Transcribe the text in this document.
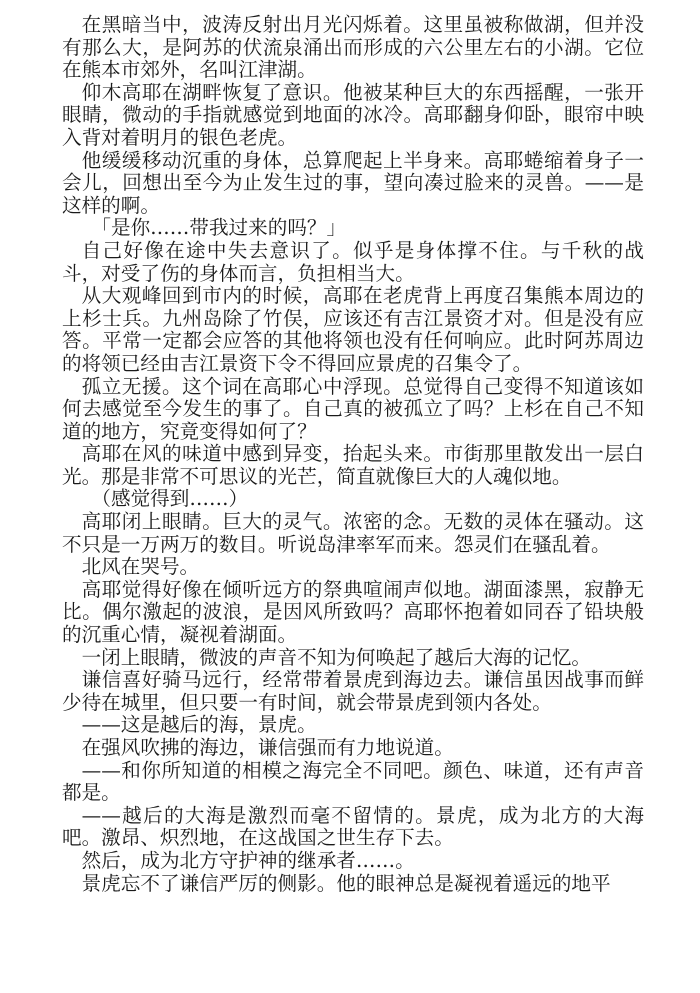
在黑暗当中，波涛反射出月光闪烁着。这里虽被称做湖，但并没有那么大，是阿苏的伏流泉涌出而形成的六公里左右的小湖。它位在熊本市郊外，名叫江津湖。

仰木高耶在湖畔恢复了意识。他被某种巨大的东西摇醒，一张开眼睛，微动的手指就感觉到地面的冰冷。高耶翻身仰卧，眼帘中映入背对着明月的银色老虎。

他缓缓移动沉重的身体，总算爬起上半身来。高耶蜷缩着身子一会儿，回想出至今为止发生过的事，望向凑过脸来的灵兽。——是这样的啊。

「是你……带我过来的吗？」

自己好像在途中失去意识了。似乎是身体撑不住。与千秋的战斗，对受了伤的身体而言，负担相当大。

从大观峰回到市内的时候，高耶在老虎背上再度召集熊本周边的上杉士兵。九州岛除了竹俣，应该还有吉江景资才对。但是没有应答。平常一定都会应答的其他将领也没有任何响应。此时阿苏周边的将领已经由吉江景资下令不得回应景虎的召集令了。

孤立无援。这个词在高耶心中浮现。总觉得自己变得不知道该如何去感觉至今发生的事了。自己真的被孤立了吗？上杉在自己不知道的地方，究竟变得如何了？

高耶在风的味道中感到异变，抬起头来。市街那里散发出一层白光。那是非常不可思议的光芒，简直就像巨大的人魂似地。

（感觉得到……）

高耶闭上眼睛。巨大的灵气。浓密的念。无数的灵体在骚动。这不只是一万两万的数目。听说岛津率军而来。怨灵们在骚乱着。

北风在哭号。

高耶觉得好像在倾听远方的祭典喧闹声似地。湖面漆黑，寂静无比。偶尔激起的波浪，是因风所致吗？高耶怀抱着如同吞了铅块般的沉重心情，凝视着湖面。

一闭上眼睛，微波的声音不知为何唤起了越后大海的记忆。

谦信喜好骑马远行，经常带着景虎到海边去。谦信虽因战事而鲜少待在城里，但只要一有时间，就会带景虎到领内各处。

——这是越后的海，景虎。

在强风吹拂的海边，谦信强而有力地说道。

——和你所知道的相模之海完全不同吧。颜色、味道，还有声音都是。

——越后的大海是激烈而毫不留情的。景虎，成为北方的大海吧。激昂、炽烈地，在这战国之世生存下去。

然后，成为北方守护神的继承者……。

景虎忘不了谦信严厉的侧影。他的眼神总是凝视着遥远的地平
